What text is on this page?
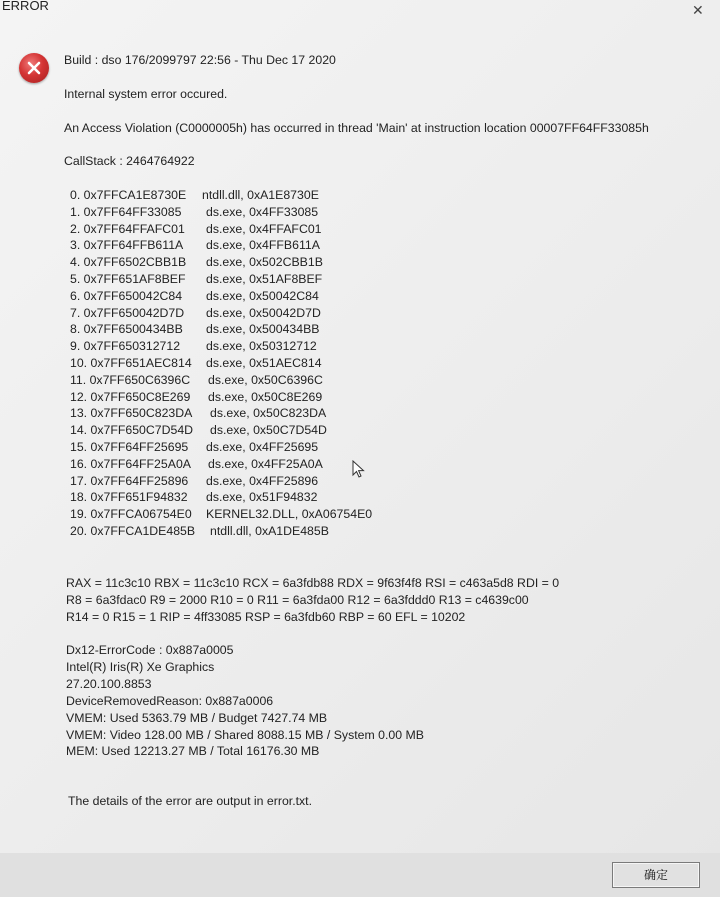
ERROR	✕
Build : dso 176/2099797 22:56 - Thu Dec 17 2020
Internal system error occured.
An Access Violation (C0000005h) has occurred in thread 'Main' at instruction location 00007FF64FF33085h
CallStack : 2464764922
0. 0x7FFCA1E8730E ntdll.dll, 0xA1E8730E
1. 0x7FF64FF33085 ds.exe, 0x4FF33085
2. 0x7FF64FFAFC01 ds.exe, 0x4FFAFC01
3. 0x7FF64FFB611A ds.exe, 0x4FFB611A
4. 0x7FF6502CBB1B ds.exe, 0x502CBB1B
5. 0x7FF651AF8BEF ds.exe, 0x51AF8BEF
6. 0x7FF650042C84 ds.exe, 0x50042C84
7. 0x7FF650042D7D ds.exe, 0x50042D7D
8. 0x7FF6500434BB ds.exe, 0x500434BB
9. 0x7FF650312712 ds.exe, 0x50312712
10. 0x7FF651AEC814 ds.exe, 0x51AEC814
11. 0x7FF650C6396C ds.exe, 0x50C6396C
12. 0x7FF650C8E269 ds.exe, 0x50C8E269
13. 0x7FF650C823DA ds.exe, 0x50C823DA
14. 0x7FF650C7D54D ds.exe, 0x50C7D54D
15. 0x7FF64FF25695 ds.exe, 0x4FF25695
16. 0x7FF64FF25A0A ds.exe, 0x4FF25A0A
17. 0x7FF64FF25896 ds.exe, 0x4FF25896
18. 0x7FF651F94832 ds.exe, 0x51F94832
19. 0x7FFCA06754E0 KERNEL32.DLL, 0xA06754E0
20. 0x7FFCA1DE485B ntdll.dll, 0xA1DE485B
RAX = 11c3c10 RBX = 11c3c10 RCX = 6a3fdb88 RDX = 9f63f4f8 RSI = c463a5d8 RDI = 0
R8 = 6a3fdac0 R9 = 2000 R10 = 0 R11 = 6a3fda00 R12 = 6a3fddd0 R13 = c4639c00
R14 = 0 R15 = 1 RIP = 4ff33085 RSP = 6a3fdb60 RBP = 60 EFL = 10202
Dx12-ErrorCode : 0x887a0005
Intel(R) Iris(R) Xe Graphics
27.20.100.8853
DeviceRemovedReason: 0x887a0006
VMEM: Used 5363.79 MB / Budget 7427.74 MB
VMEM: Video 128.00 MB / Shared 8088.15 MB / System 0.00 MB
MEM: Used 12213.27 MB / Total 16176.30 MB
The details of the error are output in error.txt.
确定
